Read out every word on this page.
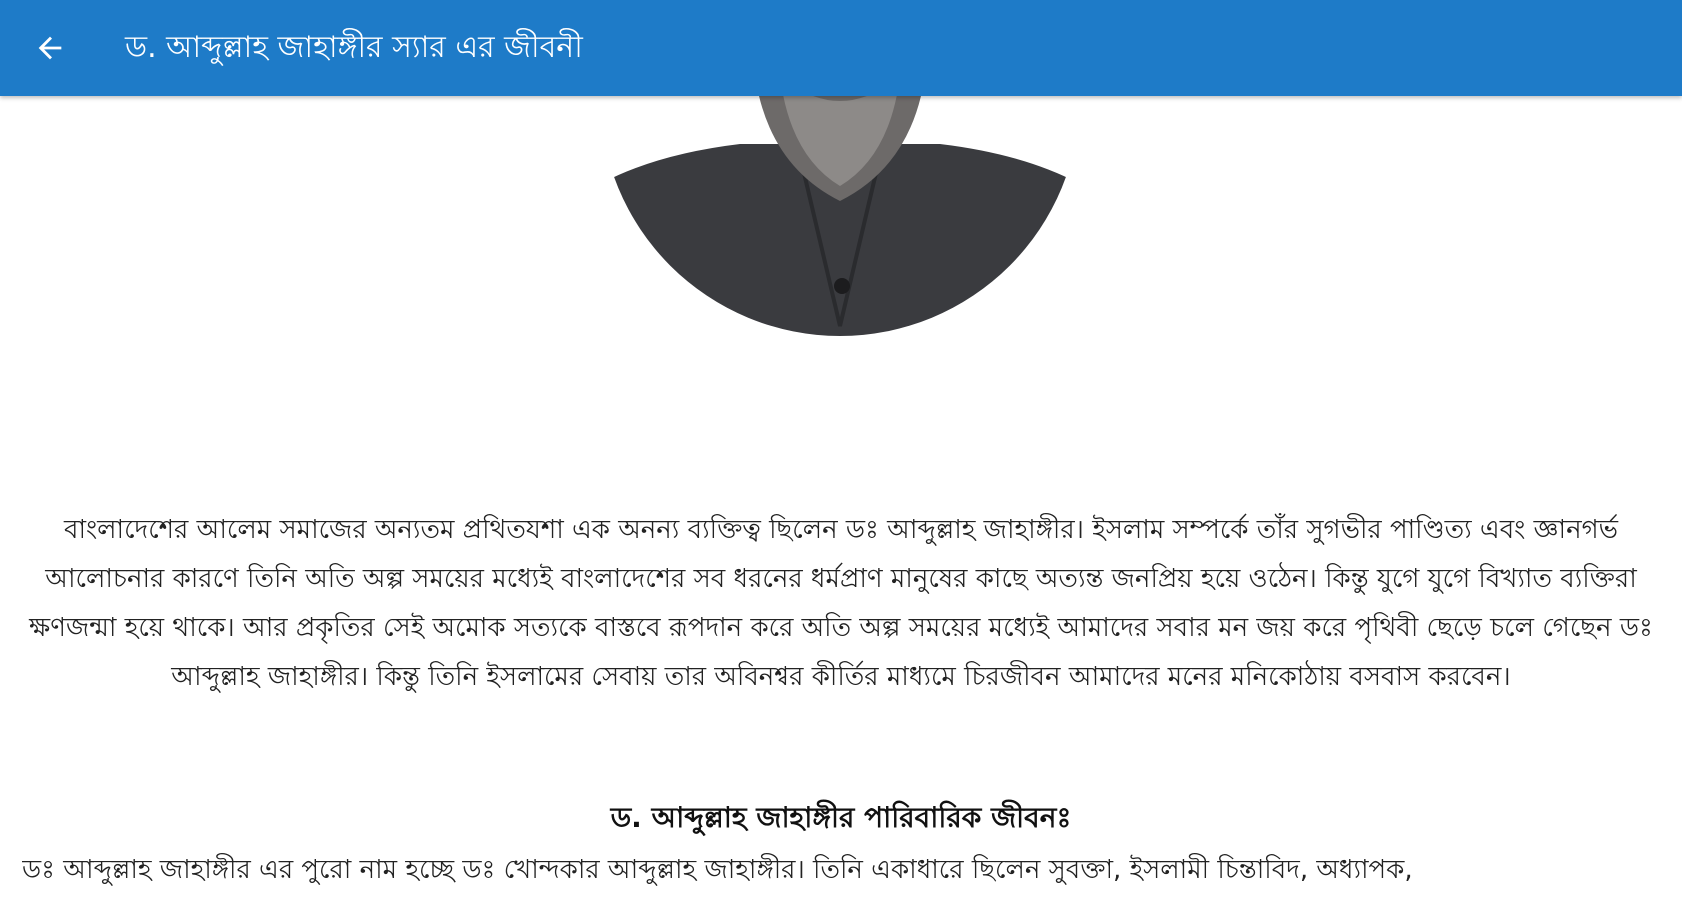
ড. আব্দুল্লাহ জাহাঙ্গীর স্যার এর জীবনী
বাংলাদেশের আলেম সমাজের অন্যতম প্রথিতযশা এক অনন্য ব্যক্তিত্ব ছিলেন ডঃ আব্দুল্লাহ জাহাঙ্গীর। ইসলাম সম্পর্কে তাঁর সুগভীর পাণ্ডিত্য এবং জ্ঞানগর্ভ আলোচনার কারণে তিনি অতি অল্প সময়ের মধ্যেই বাংলাদেশের সব ধরনের ধর্মপ্রাণ মানুষের কাছে অত্যন্ত জনপ্রিয় হয়ে ওঠেন। কিন্তু যুগে যুগে বিখ্যাত ব্যক্তিরা ক্ষণজন্মা হয়ে থাকে। আর প্রকৃতির সেই অমোক সত্যকে বাস্তবে রূপদান করে অতি অল্প সময়ের মধ্যেই আমাদের সবার মন জয় করে পৃথিবী ছেড়ে চলে গেছেন ডঃ আব্দুল্লাহ জাহাঙ্গীর। কিন্তু তিনি ইসলামের সেবায় তার অবিনশ্বর কীর্তির মাধ্যমে চিরজীবন আমাদের মনের মনিকোঠায় বসবাস করবেন।
ড. আব্দুল্লাহ জাহাঙ্গীর পারিবারিক জীবনঃ
ডঃ আব্দুল্লাহ জাহাঙ্গীর এর পুরো নাম হচ্ছে ডঃ খোন্দকার আব্দুল্লাহ জাহাঙ্গীর। তিনি একাধারে ছিলেন সুবক্তা, ইসলামী চিন্তাবিদ, অধ্যাপক,
